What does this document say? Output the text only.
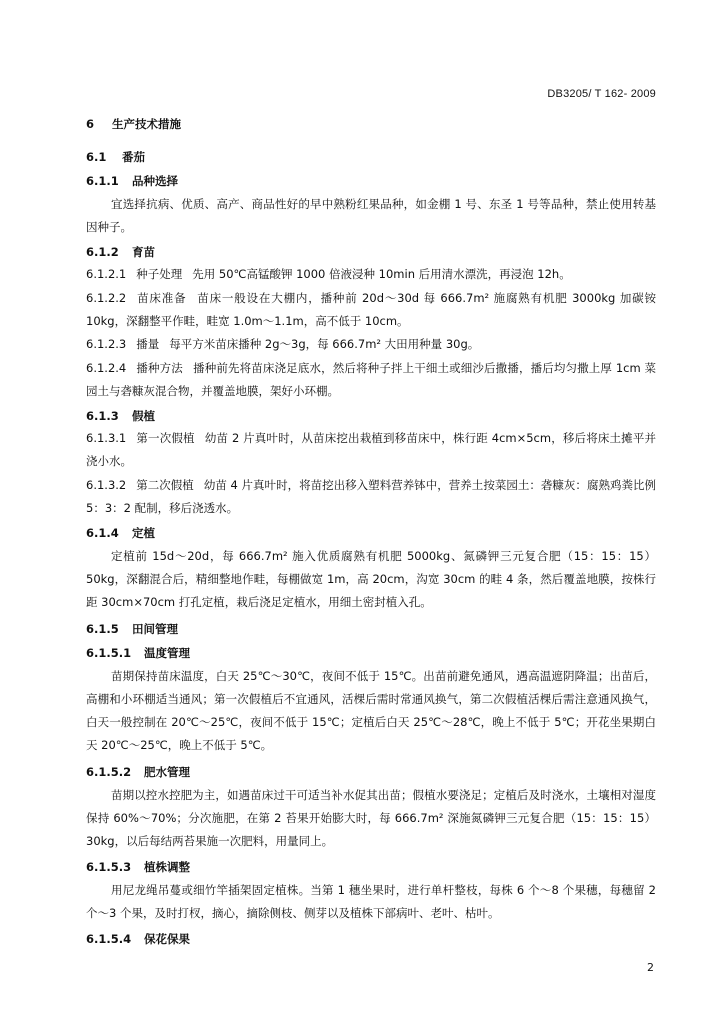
DB3205/ T 162- 2009
6 生产技术措施
6.1 番茄
6.1.1 品种选择
宜选择抗病、优质、高产、商品性好的早中熟粉红果品种，如金棚 1 号、东圣 1 号等品种，禁止使用转基因种子。
6.1.2 育苗
6.1.2.1 种子处理 先用 50℃高锰酸钾 1000 倍液浸种 10min 后用清水漂洗，再浸泡 12h。
6.1.2.2 苗床准备 苗床一般设在大棚内，播种前 20d～30d 每 666.7m² 施腐熟有机肥 3000kg 加碳铵 10kg，深翻整平作畦，畦宽 1.0m～1.1m，高不低于 10cm。
6.1.2.3 播量 每平方米苗床播种 2g～3g，每 666.7m² 大田用种量 30g。
6.1.2.4 播种方法 播种前先将苗床浇足底水，然后将种子拌上干细土或细沙后撒播，播后均匀撒上厚 1cm 菜园土与砻糠灰混合物，并覆盖地膜，架好小环棚。
6.1.3 假植
6.1.3.1 第一次假植 幼苗 2 片真叶时，从苗床挖出栽植到移苗床中，株行距 4cm×5cm，移后将床土摊平并浇小水。
6.1.3.2 第二次假植 幼苗 4 片真叶时，将苗挖出移入塑料营养钵中，营养土按菜园土：砻糠灰：腐熟鸡粪比例 5：3：2 配制，移后浇透水。
6.1.4 定植
定植前 15d～20d，每 666.7m² 施入优质腐熟有机肥 5000kg、氮磷钾三元复合肥（15：15：15）50kg，深翻混合后，精细整地作畦，每棚做宽 1m，高 20cm，沟宽 30cm 的畦 4 条，然后覆盖地膜，按株行距 30cm×70cm 打孔定植，栽后浇足定植水，用细土密封植入孔。
6.1.5 田间管理
6.1.5.1 温度管理
苗期保持苗床温度，白天 25℃～30℃，夜间不低于 15℃。出苗前避免通风，遇高温遮阴降温；出苗后，高棚和小环棚适当通风；第一次假植后不宜通风，活棵后需时常通风换气，第二次假植活棵后需注意通风换气，白天一般控制在 20℃～25℃，夜间不低于 15℃；定植后白天 25℃～28℃，晚上不低于 5℃；开花坐果期白天 20℃～25℃，晚上不低于 5℃。
6.1.5.2 肥水管理
苗期以控水控肥为主，如遇苗床过干可适当补水促其出苗；假植水要浇足；定植后及时浇水，土壤相对湿度保持 60%～70%；分次施肥，在第 2 苔果开始膨大时，每 666.7m² 深施氮磷钾三元复合肥（15：15：15）30kg，以后每结两苔果施一次肥料，用量同上。
6.1.5.3 植株调整
用尼龙绳吊蔓或细竹竿插架固定植株。当第 1 穗坐果时，进行单杆整枝，每株 6 个～8 个果穗，每穗留 2 个～3 个果，及时打杈，摘心，摘除侧枝、侧芽以及植株下部病叶、老叶、枯叶。
6.1.5.4 保花保果
2
